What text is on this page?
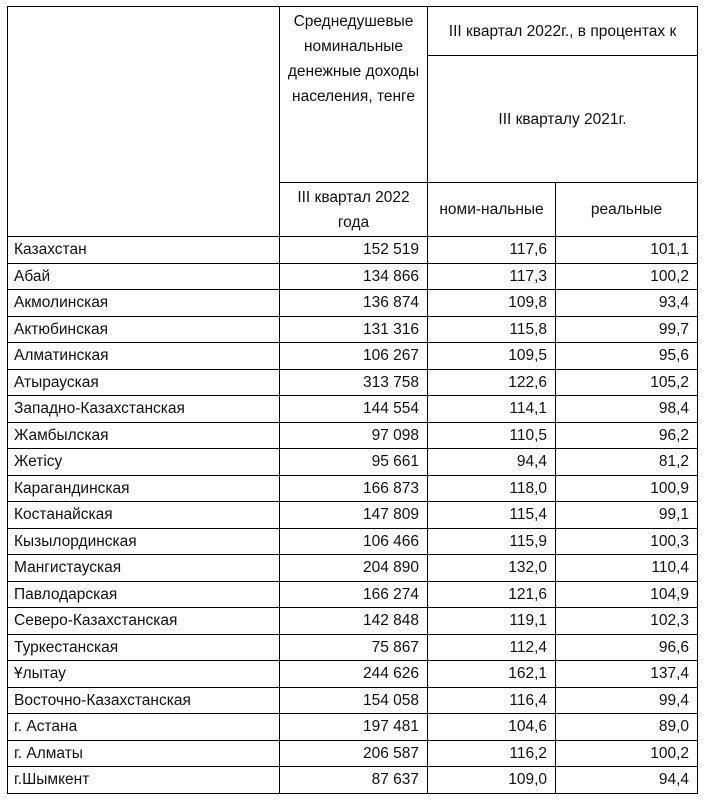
	Среднедушевые номинальные денежные доходы населения, тенге	III квартал 2022г., в процентах к	
		III кварталу 2021г.	
	III квартал 2022 года	номи-нальные	реальные
Казахстан	152 519	117,6	101,1
Абай	134 866	117,3	100,2
Акмолинская	136 874	109,8	93,4
Актюбинская	131 316	115,8	99,7
Алматинская	106 267	109,5	95,6
Атырауская	313 758	122,6	105,2
Западно-Казахстанская	144 554	114,1	98,4
Жамбылская	97 098	110,5	96,2
Жетісу	95 661	94,4	81,2
Карагандинская	166 873	118,0	100,9
Костанайская	147 809	115,4	99,1
Кызылординская	106 466	115,9	100,3
Мангистауская	204 890	132,0	110,4
Павлодарская	166 274	121,6	104,9
Северо-Казахстанская	142 848	119,1	102,3
Туркестанская	75 867	112,4	96,6
Ұлытау	244 626	162,1	137,4
Восточно-Казахстанская	154 058	116,4	99,4
г. Астана	197 481	104,6	89,0
г. Алматы	206 587	116,2	100,2
г.Шымкент	87 637	109,0	94,4
